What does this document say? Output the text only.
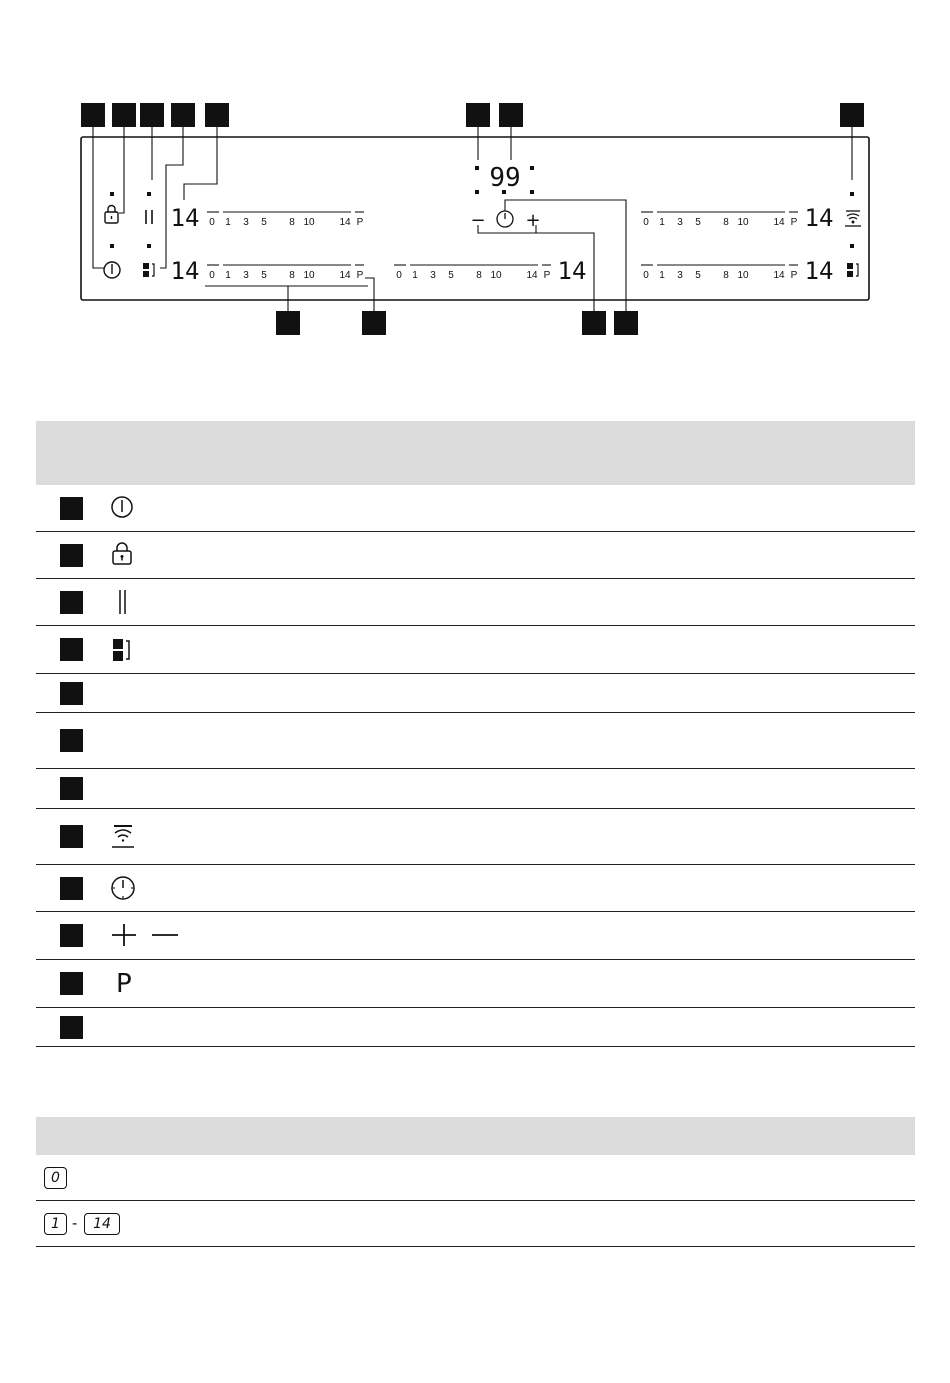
99
− +
14
14	14
14
14
0 1 3 5 8 10 14 P
0 1 3 5 8 10 14 P	0 1 3 5 8 10 14 P
0 1 3 5 8 10 14 P
0 1 3 5 8 10 14 P
P
0
1 -	14
